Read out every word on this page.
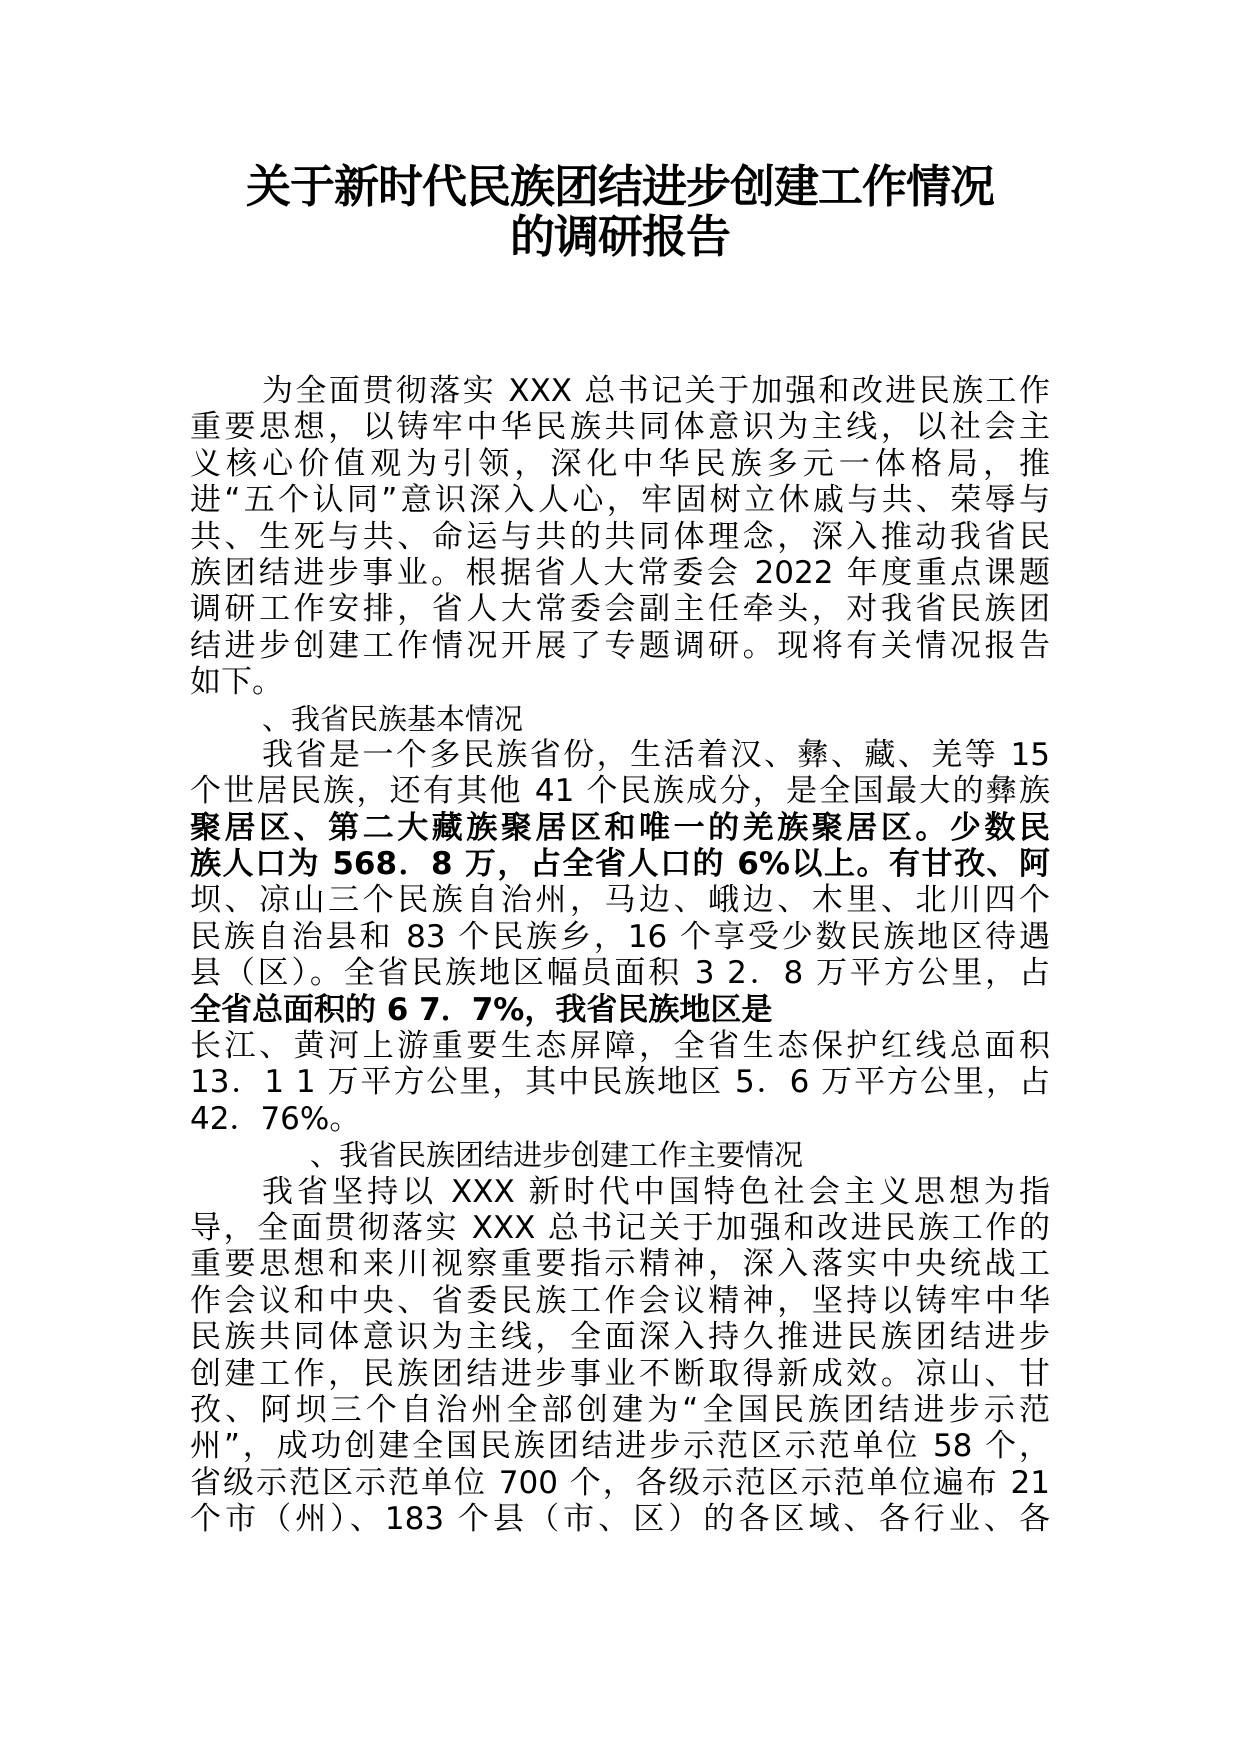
关于新时代民族团结进步创建工作情况
的调研报告
为全面贯彻落实 XXX 总书记关于加强和改进民族工作
重要思想，以铸牢中华民族共同体意识为主线，以社会主
义核心价值观为引领，深化中华民族多元一体格局，推
进“五个认同”意识深入人心，牢固树立休戚与共、荣辱与
共、生死与共、命运与共的共同体理念，深入推动我省民
族团结进步事业。根据省人大常委会 2022 年度重点课题
调研工作安排，省人大常委会副主任牵头，对我省民族团
结进步创建工作情况开展了专题调研。现将有关情况报告
如下。
、我省民族基本情况
我省是一个多民族省份，生活着汉、彝、藏、羌等 15
个世居民族，还有其他 41 个民族成分，是全国最大的彝族
聚居区、第二大藏族聚居区和唯一的羌族聚居区。少数民
族人口为 568．8 万，占全省人口的 6%以上。有甘孜、阿
坝、凉山三个民族自治州，马边、峨边、木里、北川四个
民族自治县和 83 个民族乡，16 个享受少数民族地区待遇
县（区）。全省民族地区幅员面积 3 2．8 万平方公里，占
全省总面积的 6 7．7%，我省民族地区是
长江、黄河上游重要生态屏障，全省生态保护红线总面积
13．1 1 万平方公里，其中民族地区 5．6 万平方公里，占
42．76%。
、我省民族团结进步创建工作主要情况
我省坚持以 XXX 新时代中国特色社会主义思想为指
导，全面贯彻落实 XXX 总书记关于加强和改进民族工作的
重要思想和来川视察重要指示精神，深入落实中央统战工
作会议和中央、省委民族工作会议精神，坚持以铸牢中华
民族共同体意识为主线，全面深入持久推进民族团结进步
创建工作，民族团结进步事业不断取得新成效。凉山、甘
孜、阿坝三个自治州全部创建为“全国民族团结进步示范
州”，成功创建全国民族团结进步示范区示范单位 58 个，
省级示范区示范单位 700 个，各级示范区示范单位遍布 21
个市（州）、183 个县（市、区）的各区域、各行业、各
